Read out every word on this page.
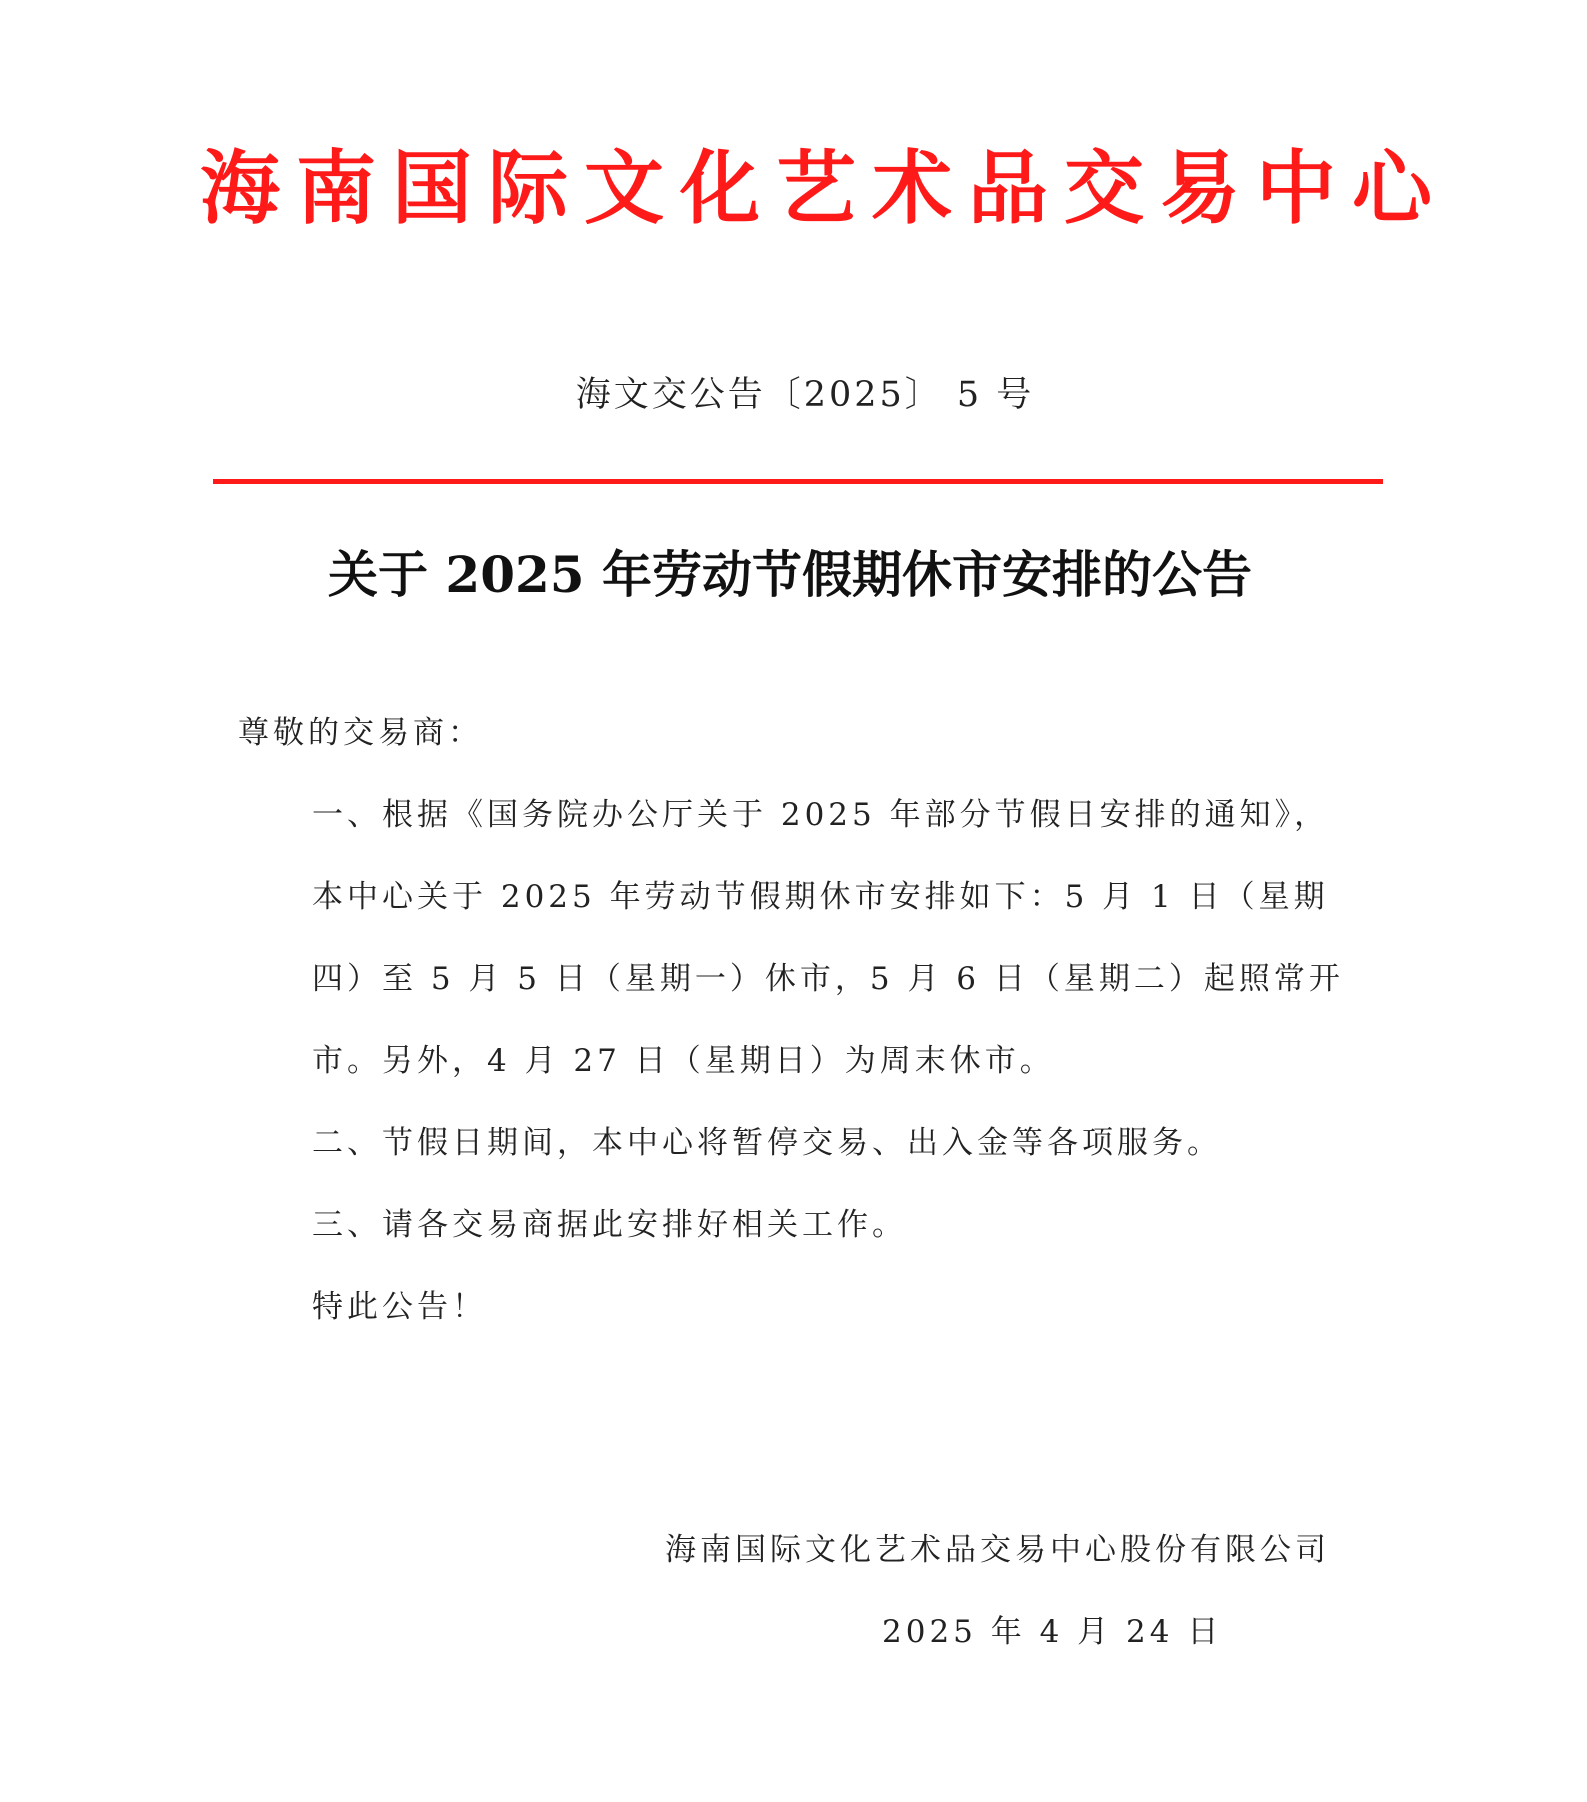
海南国际文化艺术品交易中心
海文交公告〔2025〕 5 号
关于 2025 年劳动节假期休市安排的公告

尊敬的交易商：

一、根据《国务院办公厅关于 2025 年部分节假日安排的通知》，本中心关于 2025 年劳动节假期休市安排如下：5 月 1 日（星期四）至 5 月 5 日（星期一）休市，5 月 6 日（星期二）起照常开市。另外，4 月 27 日（星期日）为周末休市。

二、节假日期间，本中心将暂停交易、出入金等各项服务。

三、请各交易商据此安排好相关工作。

特此公告！

海南国际文化艺术品交易中心股份有限公司
2025 年 4 月 24 日
